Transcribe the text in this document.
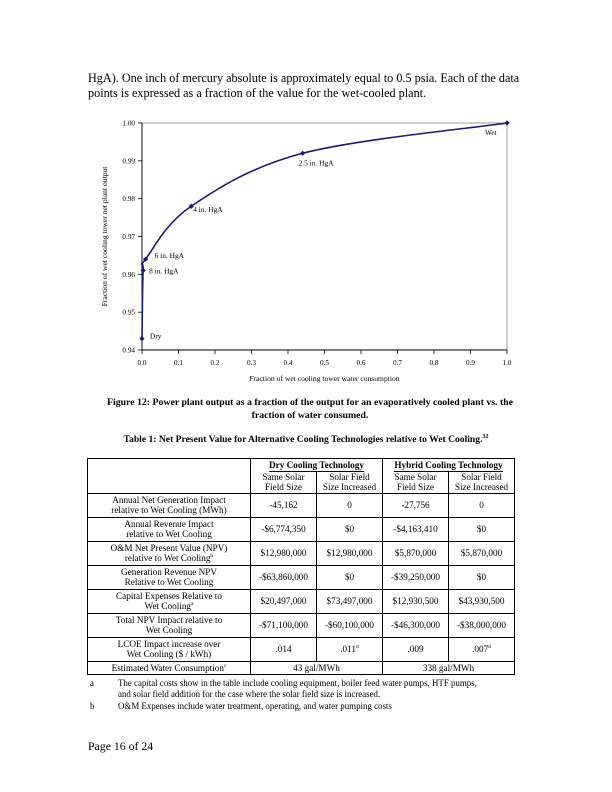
HgA). One inch of mercury absolute is approximately equal to 0.5 psia. Each of the data
points is expressed as a fraction of the value for the wet-cooled plant.
0.0	0.1	0.2	0.3	0.4	0.5	0.6	0.7	0.8	0.9	1.0
0.94
0.95
0.96
0.97
0.98
0.99
1.00
Fraction of wet cooling tower water consumption
Fraction of wet cooling tower net plant output
Dry
8 in. HgA
6 in. HgA
4 in. HgA
2.5 in. HgA
Wet
Figure 12: Power plant output as a fraction of the output for an evaporatively cooled plant vs. the
fraction of water consumed.
Table 1: Net Present Value for Alternative Cooling Technologies relative to Wet Cooling.$^{32}$
	Dry Cooling Technology		Hybrid Cooling Technology	
	Same Solar
Field Size	Solar Field
Size Increased	Same Solar
Field Size	Solar Field
Size Increased
Annual Net Generation Impact
relative to Wet Cooling (MWh)	-45,162	0	-27,756	0
Annual Revenue Impact
relative to Wet Cooling	-$6,774,350	$0	-$4,163,410	$0
O&M Net Present Value (NPV)
relative to Wet Cooling$^b$	$12,980,000	$12,980,000	$5,870,000	$5,870,000
Generation Revenue NPV
Relative to Wet Cooling	-$63,860,000	$0	-$39,250,000	$0
Capital Expenses Relative to
Wet Cooling$^a$	$20,497,000	$73,497,000	$12,930,500	$43,930,500
Total NPV Impact relative to
Wet Cooling	-$71,100,000	-$60,100,000	-$46,300,000	-$38,000,000
LCOE Impact increase over
Wet Cooling ($ / kWh)	.014	.011$^d$	.009	.007$^d$
Estimated Water Consumption$^c$	43 gal/MWh		338 gal/MWh	
a	The capital costs show in the table include cooling equipment, boiler feed water pumps, HTF pumps,
and solar field addition for the case where the solar field size is increased.
b	O&M Expenses include water treatment, operating, and water pumping costs
Page 16 of 24
